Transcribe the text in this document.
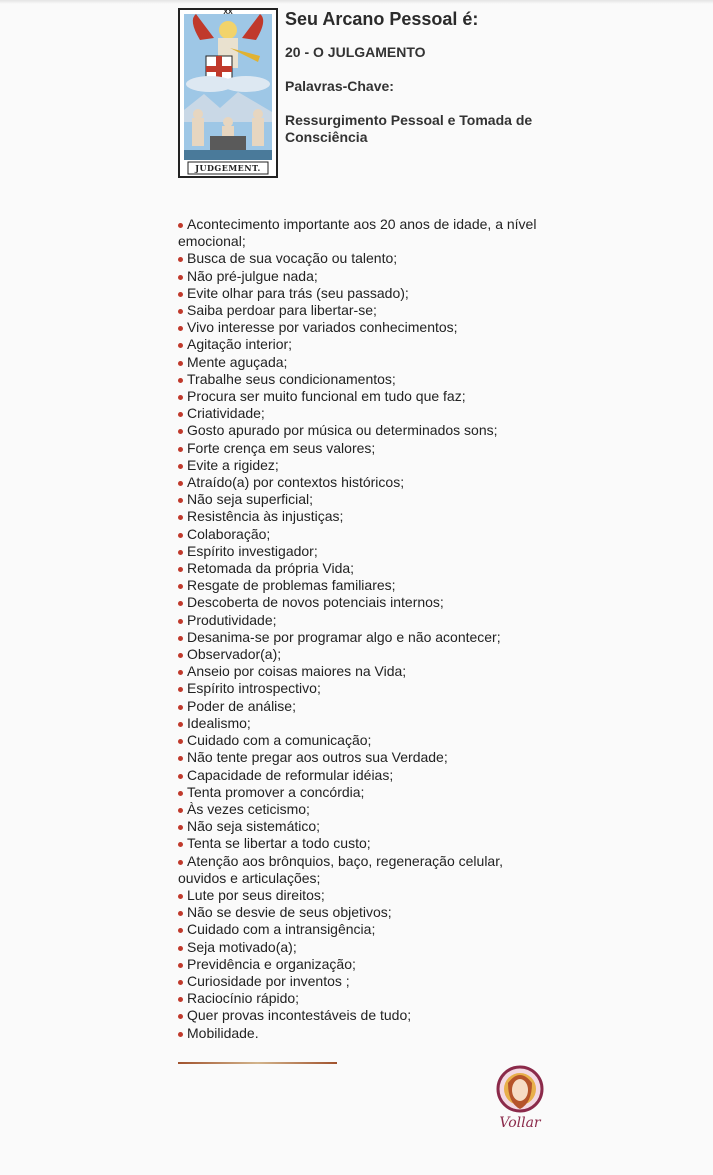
XX
JUDGEMENT.
Seu Arcano Pessoal é:
20 - O JULGAMENTO
Palavras-Chave:
Ressurgimento Pessoal e Tomada de Consciência
Acontecimento importante aos 20 anos de idade, a nível emocional;
Busca de sua vocação ou talento;
Não pré-julgue nada;
Evite olhar para trás (seu passado);
Saiba perdoar para libertar-se;
Vivo interesse por variados conhecimentos;
Agitação interior;
Mente aguçada;
Trabalhe seus condicionamentos;
Procura ser muito funcional em tudo que faz;
Criatividade;
Gosto apurado por música ou determinados sons;
Forte crença em seus valores;
Evite a rigidez;
Atraído(a) por contextos históricos;
Não seja superficial;
Resistência às injustiças;
Colaboração;
Espírito investigador;
Retomada da própria Vida;
Resgate de problemas familiares;
Descoberta de novos potenciais internos;
Produtividade;
Desanima-se por programar algo e não acontecer;
Observador(a);
Anseio por coisas maiores na Vida;
Espírito introspectivo;
Poder de análise;
Idealismo;
Cuidado com a comunicação;
Não tente pregar aos outros sua Verdade;
Capacidade de reformular idéias;
Tenta promover a concórdia;
Às vezes ceticismo;
Não seja sistemático;
Tenta se libertar a todo custo;
Atenção aos brônquios, baço, regeneração celular, ouvidos e articulações;
Lute por seus direitos;
Não se desvie de seus objetivos;
Cuidado com a intransigência;
Seja motivado(a);
Previdência e organização;
Curiosidade por inventos ;
Raciocínio rápido;
Quer provas incontestáveis de tudo;
Mobilidade.
Vollar
